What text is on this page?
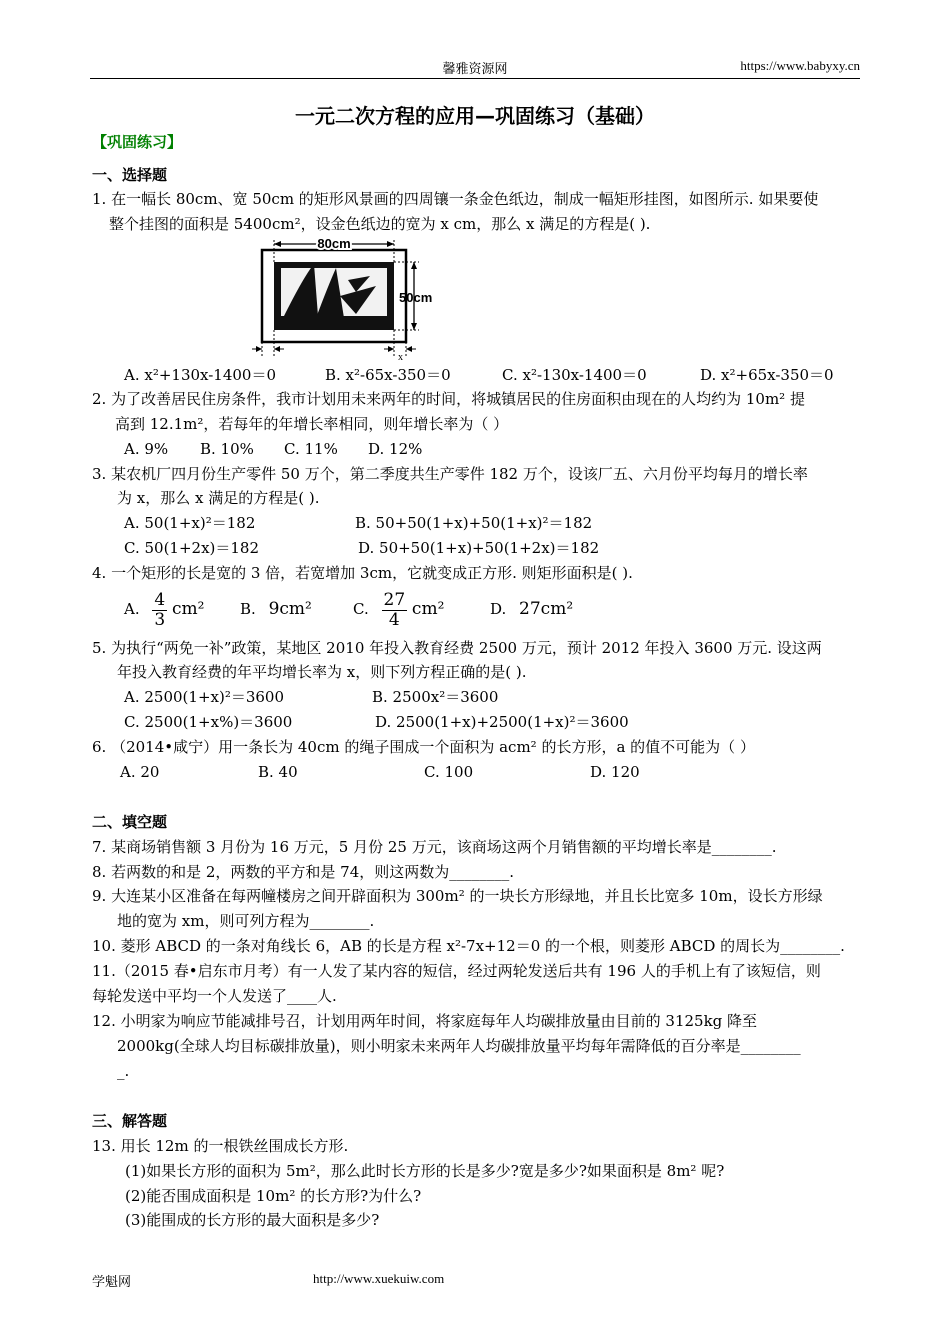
馨雅资源网	https://www.babyxy.cn
一元二次方程的应用—巩固练习（基础）
【巩固练习】
一、选择题
1. 在一幅长 80cm、宽 50cm 的矩形风景画的四周镶一条金色纸边，制成一幅矩形挂图，如图所示. 如果要使
整个挂图的面积是 5400cm²，设金色纸边的宽为 x cm，那么 x 满足的方程是( ).
80cm
50cm
x
A. x²+130x-1400＝0	B. x²-65x-350＝0	C. x²-130x-1400＝0	D. x²+65x-350＝0
2. 为了改善居民住房条件，我市计划用未来两年的时间，将城镇居民的住房面积由现在的人均约为 10m² 提
高到 12.1m²，若每年的年增长率相同，则年增长率为（ ）
A. 9% B. 10% C. 11% D. 12%
3. 某农机厂四月份生产零件 50 万个，第二季度共生产零件 182 万个，设该厂五、六月份平均每月的增长率
为 x，那么 x 满足的方程是( ).
A. 50(1+x)²＝182	B. 50+50(1+x)+50(1+x)²＝182
C. 50(1+2x)＝182	D. 50+50(1+x)+50(1+2x)＝182
4. 一个矩形的长是宽的 3 倍，若宽增加 3cm，它就变成正方形. 则矩形面积是( ).
A. $\frac{4}{3} cm^2$ B. 9cm²	C. $\frac{27}{4} cm^2$	D. 27cm²
5. 为执行“两免一补”政策，某地区 2010 年投入教育经费 2500 万元，预计 2012 年投入 3600 万元. 设这两
年投入教育经费的年平均增长率为 x，则下列方程正确的是( ).
A. 2500(1+x)²＝3600	B. 2500x²＝3600
C. 2500(1+x%)＝3600	D. 2500(1+x)+2500(1+x)²＝3600
6. （2014•咸宁）用一条长为 40cm 的绳子围成一个面积为 acm² 的长方形，a 的值不可能为（ ）
A. 20	B. 40	C. 100	D. 120
二、填空题
7. 某商场销售额 3 月份为 16 万元，5 月份 25 万元，该商场这两个月销售额的平均增长率是________.
8. 若两数的和是 2，两数的平方和是 74，则这两数为________.
9. 大连某小区准备在每两幢楼房之间开辟面积为 300m² 的一块长方形绿地，并且长比宽多 10m，设长方形绿
地的宽为 xm，则可列方程为________.
10. 菱形 ABCD 的一条对角线长 6，AB 的长是方程 x²-7x+12＝0 的一个根，则菱形 ABCD 的周长为________.
11.（2015 春•启东市月考）有一人发了某内容的短信，经过两轮发送后共有 196 人的手机上有了该短信，则
每轮发送中平均一个人发送了____人.
12. 小明家为响应节能减排号召，计划用两年时间，将家庭每年人均碳排放量由目前的 3125kg 降至
2000kg(全球人均目标碳排放量)，则小明家未来两年人均碳排放量平均每年需降低的百分率是________
_.
三、解答题
13. 用长 12m 的一根铁丝围成长方形.
(1)如果长方形的面积为 5m²，那么此时长方形的长是多少?宽是多少?如果面积是 8m² 呢?
(2)能否围成面积是 10m² 的长方形?为什么?
(3)能围成的长方形的最大面积是多少?
学魁网	http://www.xuekuiw.com
